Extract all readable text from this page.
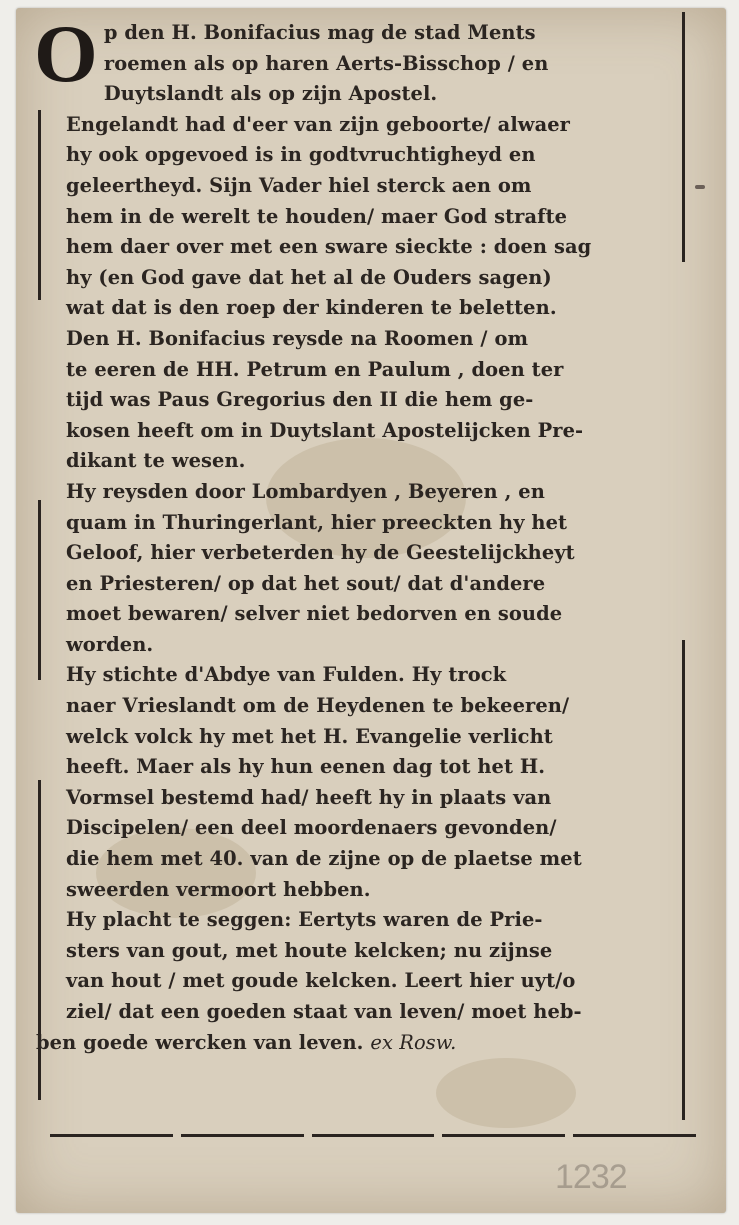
O p den H. Bonifacius mag de stad Ments
roemen als op haren Aerts-Bisschop / en
Duytslandt als op zijn Apostel.

Engelandt had d'eer van zijn geboorte/ alwaer
hy ook opgevoed is in godtvruchtigheyd en
geleertheyd. Sijn Vader hiel sterck aen om
hem in de werelt te houden/ maer God strafte
hem daer over met een sware sieckte : doen sag
hy (en God gave dat het al de Ouders sagen)
wat dat is den roep der kinderen te beletten.

Den H. Bonifacius reysde na Roomen / om
te eeren de HH. Petrum en Paulum , doen ter
tijd was Paus Gregorius den II die hem ge-
kosen heeft om in Duytslant Apostelijcken Pre-
dikant te wesen.

Hy reysden door Lombardyen , Beyeren , en
quam in Thuringerlant, hier preeckten hy het
Geloof, hier verbeterden hy de Geestelijckheyt
en Priesteren/ op dat het sout/ dat d'andere
moet bewaren/ selver niet bedorven en soude
worden.

Hy stichte d'Abdye van Fulden. Hy trock
naer Vrieslandt om de Heydenen te bekeeren/
welck volck hy met het H. Evangelie verlicht
heeft. Maer als hy hun eenen dag tot het H.
Vormsel bestemd had/ heeft hy in plaats van
Discipelen/ een deel moordenaers gevonden/
die hem met 40. van de zijne op de plaetse met
sweerden vermoort hebben.

Hy placht te seggen: Eertyts waren de Prie-
sters van gout, met houte kelcken; nu zijnse
van hout / met goude kelcken. Leert hier uyt/o
ziel/ dat een goeden staat van leven/ moet heb-
ben goede wercken van leven. ex Rosw.

1232
